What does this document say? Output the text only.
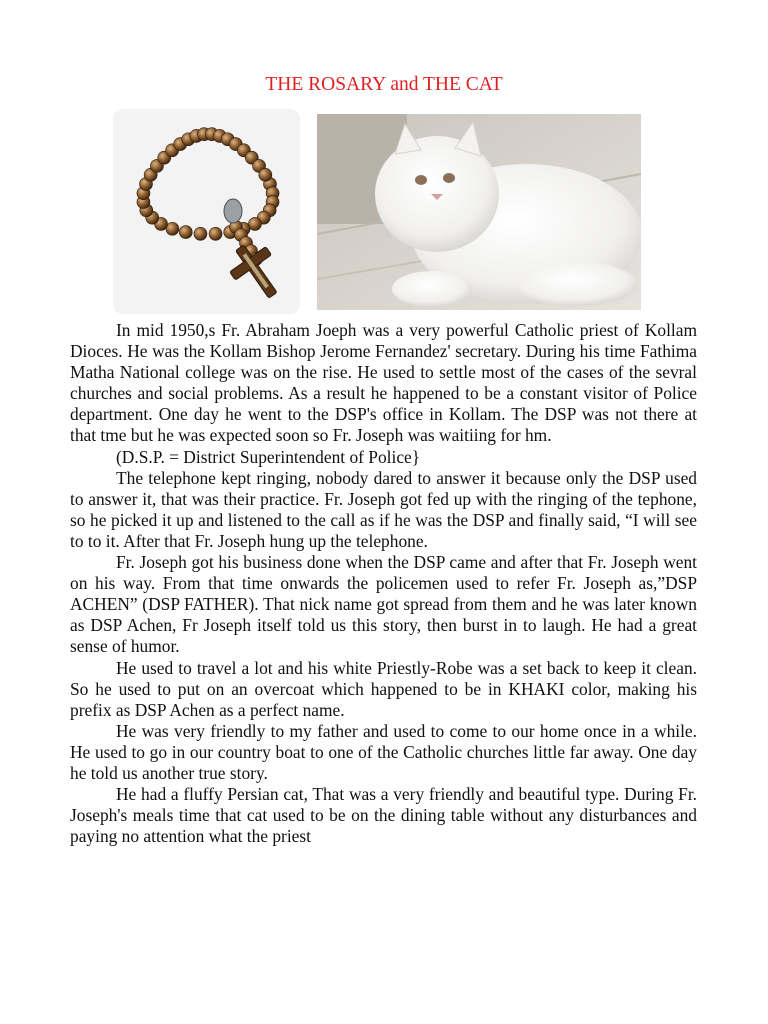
THE ROSARY and THE CAT

In mid 1950,s Fr. Abraham Joeph was a very powerful Catholic priest of Kollam Dioces. He was the Kollam Bishop Jerome Fernandez' secretary. During his time Fathima Matha National college was on the rise. He used to settle most of the cases of the sevral churches and social problems. As a result he happened to be a constant visitor of Police department. One day he went to the DSP's office in Kollam. The DSP was not there at that tme but he was expected soon so Fr. Joseph was waitiing for hm.

(D.S.P. = District Superintendent of Police}

The telephone kept ringing, nobody dared to answer it because only the DSP used to answer it, that was their practice. Fr. Joseph got fed up with the ringing of the tephone, so he picked it up and listened to the call as if he was the DSP and finally said, “I will see to to it. After that Fr. Joseph hung up the telephone.

Fr. Joseph got his business done when the DSP came and after that Fr. Joseph went on his way. From that time onwards the policemen used to refer Fr. Joseph as,”DSP ACHEN” (DSP FATHER). That nick name got spread from them and he was later known as DSP Achen, Fr Joseph itself told us this story, then burst in to laugh. He had a great sense of humor.

He used to travel a lot and his white Priestly-Robe was a set back to keep it clean. So he used to put on an overcoat which happened to be in KHAKI color, making his prefix as DSP Achen as a perfect name.

He was very friendly to my father and used to come to our home once in a while. He used to go in our country boat to one of the Catholic churches little far away. One day he told us another true story.

He had a fluffy Persian cat, That was a very friendly and beautiful type. During Fr. Joseph's meals time that cat used to be on the dining table without any disturbances and paying no attention what the priest
